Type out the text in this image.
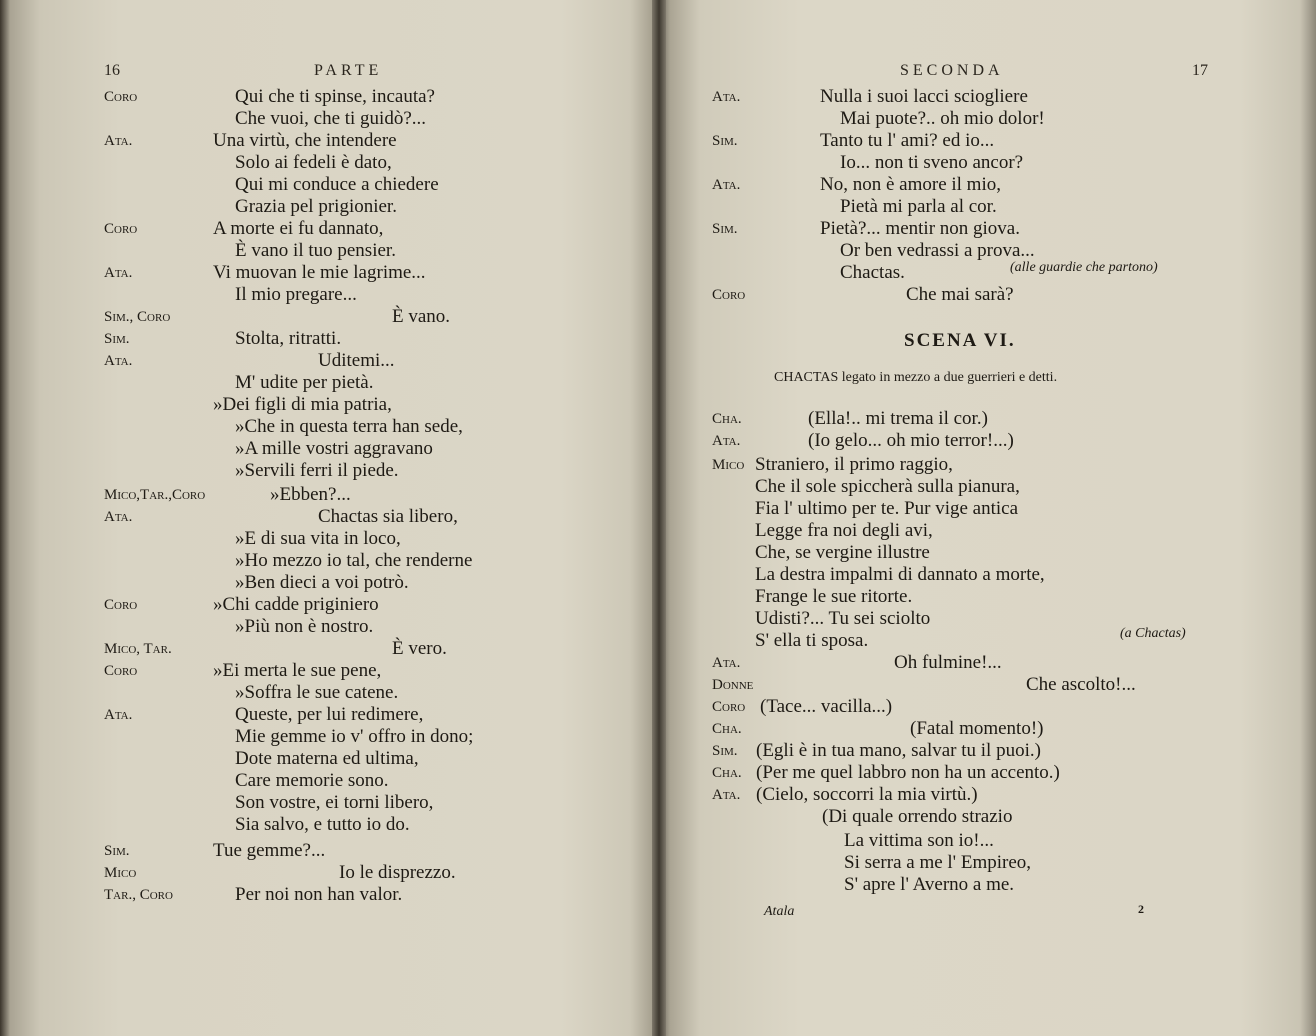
16	PARTE
Coro	Qui che ti spinse, incauta?
Che vuoi, che ti guidò?...
Ata.	Una virtù, che intendere
Solo ai fedeli è dato,
Qui mi conduce a chiedere
Grazia pel prigionier.
Coro	A morte ei fu dannato,
È vano il tuo pensier.
Ata.	Vi muovan le mie lagrime...
Il mio pregare...
Sim., Coro	È vano.
Sim.	Stolta, ritratti.
Ata.	Uditemi...
M' udite per pietà.
»Dei figli di mia patria,
»Che in questa terra han sede,
»A mille vostri aggravano
»Servili ferri il piede.
Mico,Tar.,Coro	»Ebben?...
Ata.	Chactas sia libero,
»E di sua vita in loco,
»Ho mezzo io tal, che renderne
»Ben dieci a voi potrò.
Coro	»Chi cadde priginiero
»Più non è nostro.
Mico, Tar.	È vero.
Coro	»Ei merta le sue pene,
»Soffra le sue catene.
Ata.	Queste, per lui redimere,
Mie gemme io v' offro in dono;
Dote materna ed ultima,
Care memorie sono.
Son vostre, ei torni libero,
Sia salvo, e tutto io do.
Sim.	Tue gemme?...
Mico	Io le disprezzo.
Tar., Coro	Per noi non han valor.
SECONDA	17
Ata.	Nulla i suoi lacci sciogliere
Mai puote?.. oh mio dolor!
Sim.	Tanto tu l' ami? ed io...
Io... non ti sveno ancor?
Ata.	No, non è amore il mio,
Pietà mi parla al cor.
Sim.	Pietà?... mentir non giova.
Or ben vedrassi a prova...
Chactas.
Coro	Che mai sarà?
(alle guardie che partono)
SCENA VI.
CHACTAS legato in mezzo a due guerrieri e detti.
Cha.	(Ella!.. mi trema il cor.)
Ata.	(Io gelo... oh mio terror!...)
Mico Straniero, il primo raggio,
Che il sole spiccherà sulla pianura,
Fia l' ultimo per te. Pur vige antica
Legge fra noi degli avi,
Che, se vergine illustre
La destra impalmi di dannato a morte,
Frange le sue ritorte.
Udisti?... Tu sei sciolto
S' ella ti sposa.
Ata.	Oh fulmine!...
Donne	Che ascolto!...
Coro (Tace... vacilla...)
Cha.	(Fatal momento!)
Sim. (Egli è in tua mano, salvar tu il puoi.)
Cha. (Per me quel labbro non ha un accento.)
Ata. (Cielo, soccorri la mia virtù.)
(Di quale orrendo strazio
La vittima son io!...
Si serra a me l' Empireo,
S' apre l' Averno a me.
(a Chactas)
Atala	2
